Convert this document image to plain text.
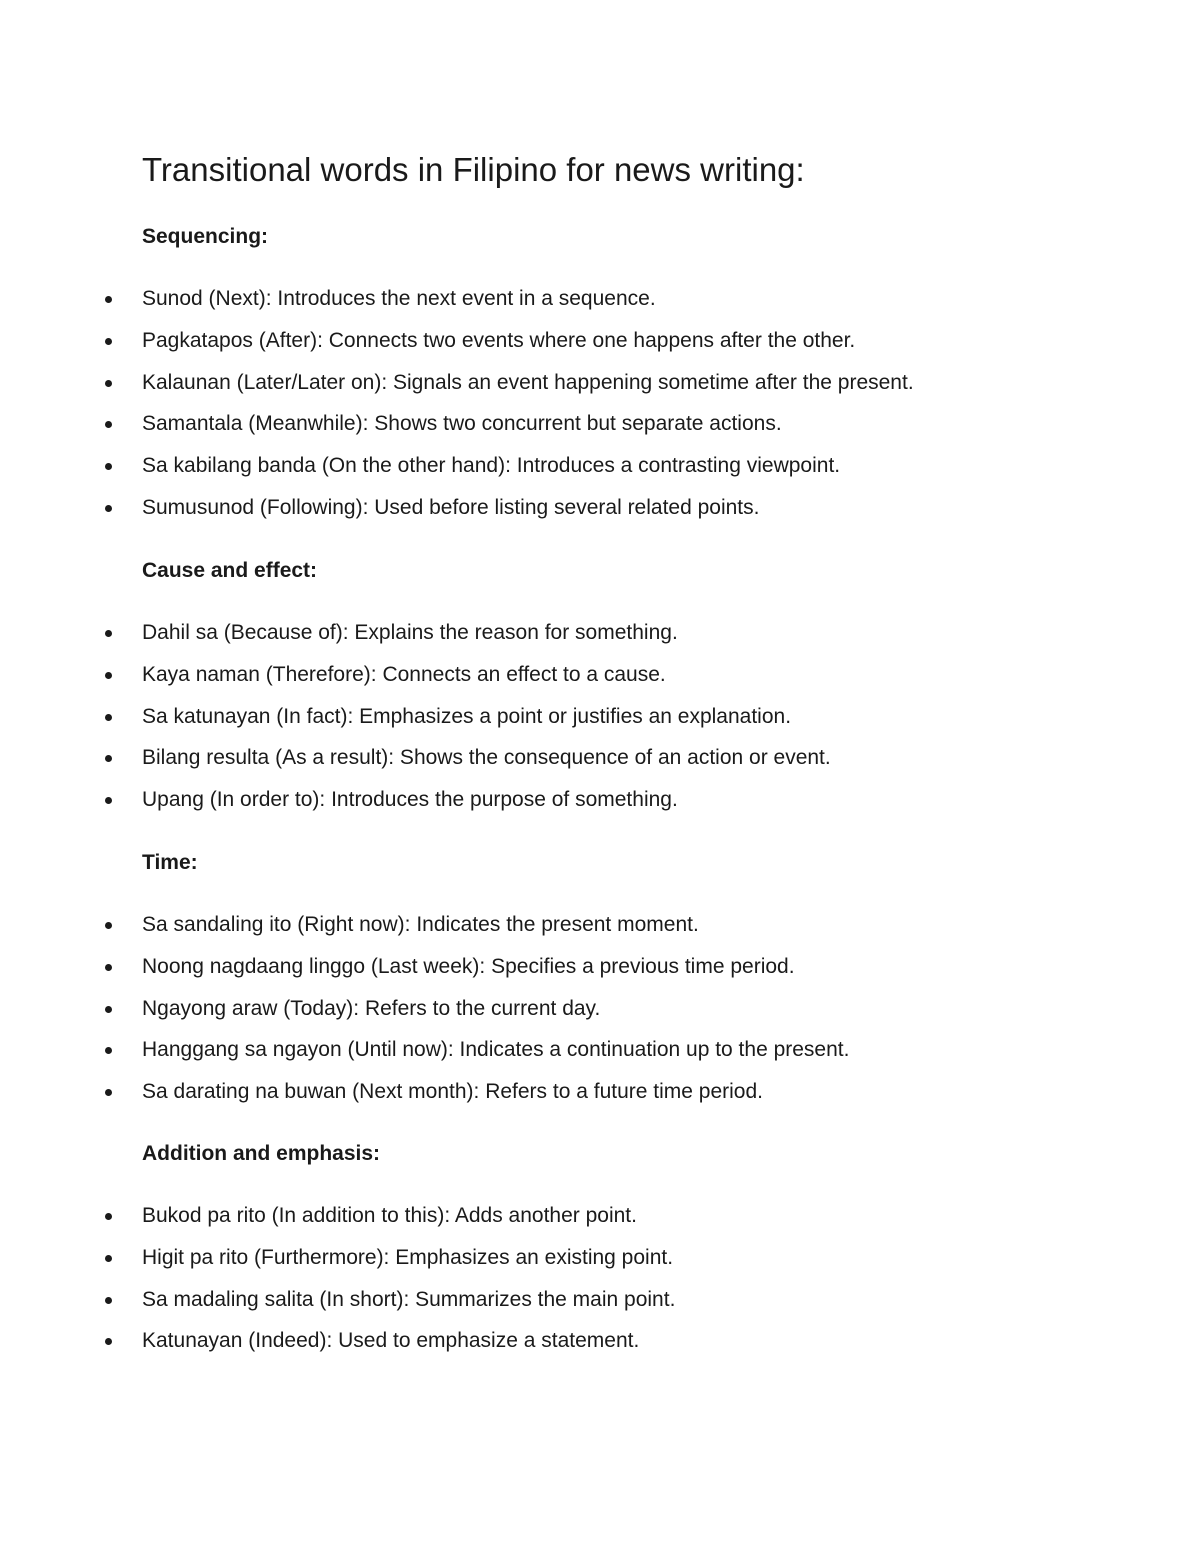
Transitional words in Filipino for news writing:
Sequencing:
Sunod (Next): Introduces the next event in a sequence.
Pagkatapos (After): Connects two events where one happens after the other.
Kalaunan (Later/Later on): Signals an event happening sometime after the present.
Samantala (Meanwhile): Shows two concurrent but separate actions.
Sa kabilang banda (On the other hand): Introduces a contrasting viewpoint.
Sumusunod (Following): Used before listing several related points.
Cause and effect:
Dahil sa (Because of): Explains the reason for something.
Kaya naman (Therefore): Connects an effect to a cause.
Sa katunayan (In fact): Emphasizes a point or justifies an explanation.
Bilang resulta (As a result): Shows the consequence of an action or event.
Upang (In order to): Introduces the purpose of something.
Time:
Sa sandaling ito (Right now): Indicates the present moment.
Noong nagdaang linggo (Last week): Specifies a previous time period.
Ngayong araw (Today): Refers to the current day.
Hanggang sa ngayon (Until now): Indicates a continuation up to the present.
Sa darating na buwan (Next month): Refers to a future time period.
Addition and emphasis:
Bukod pa rito (In addition to this): Adds another point.
Higit pa rito (Furthermore): Emphasizes an existing point.
Sa madaling salita (In short): Summarizes the main point.
Katunayan (Indeed): Used to emphasize a statement.
